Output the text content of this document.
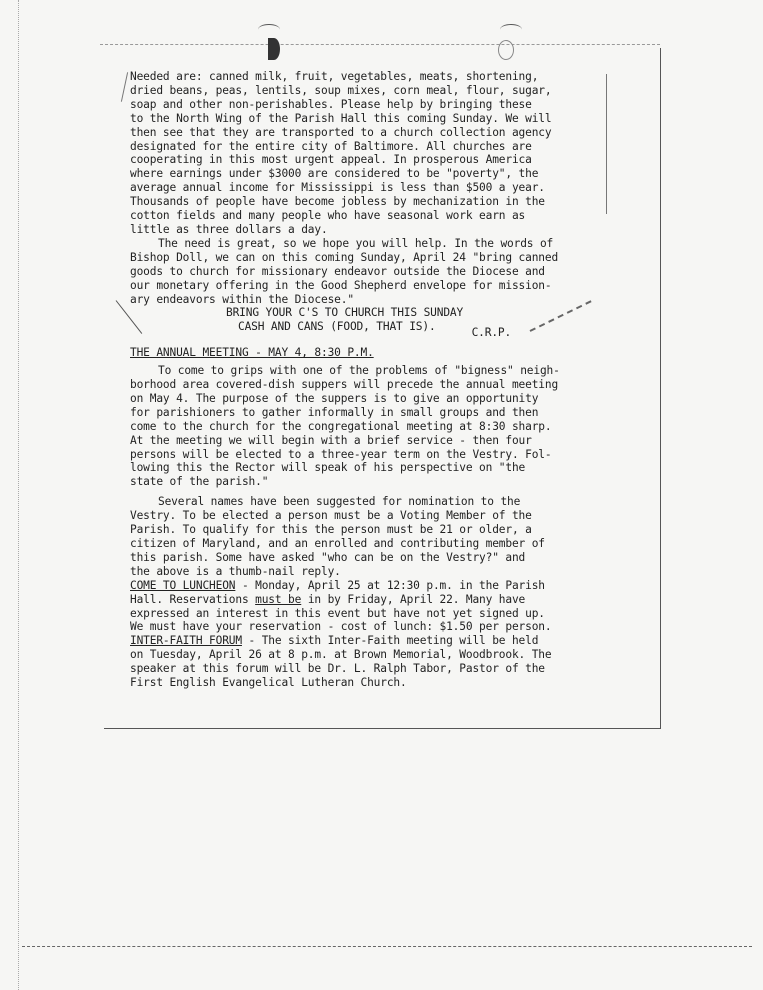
Needed are: canned milk, fruit, vegetables, meats, shortening,

dried beans, peas, lentils, soup mixes, corn meal, flour, sugar,

soap and other non-perishables. Please help by bringing these

to the North Wing of the Parish Hall this coming Sunday. We will

then see that they are transported to a church collection agency

designated for the entire city of Baltimore. All churches are

cooperating in this most urgent appeal. In prosperous America

where earnings under $3000 are considered to be "poverty", the

average annual income for Mississippi is less than $500 a year.

Thousands of people have become jobless by mechanization in the

cotton fields and many people who have seasonal work earn as

little as three dollars a day.

The need is great, so we hope you will help. In the words of

Bishop Doll, we can on this coming Sunday, April 24 "bring canned

goods to church for missionary endeavor outside the Diocese and

our monetary offering in the Good Shepherd envelope for mission-

ary endeavors within the Diocese."

BRING YOUR C'S TO CHURCH THIS SUNDAY

CASH AND CANS (FOOD, THAT IS).	C.R.P.

THE ANNUAL MEETING - MAY 4, 8:30 P.M.

To come to grips with one of the problems of "bigness" neigh-

borhood area covered-dish suppers will precede the annual meeting

on May 4. The purpose of the suppers is to give an opportunity

for parishioners to gather informally in small groups and then

come to the church for the congregational meeting at 8:30 sharp.

At the meeting we will begin with a brief service - then four

persons will be elected to a three-year term on the Vestry. Fol-

lowing this the Rector will speak of his perspective on "the

state of the parish."

Several names have been suggested for nomination to the

Vestry. To be elected a person must be a Voting Member of the

Parish. To qualify for this the person must be 21 or older, a

citizen of Maryland, and an enrolled and contributing member of

this parish. Some have asked "who can be on the Vestry?" and

the above is a thumb-nail reply.

COME TO LUNCHEON - Monday, April 25 at 12:30 p.m. in the Parish

Hall. Reservations must be in by Friday, April 22. Many have

expressed an interest in this event but have not yet signed up.

We must have your reservation - cost of lunch: $1.50 per person.

INTER-FAITH FORUM - The sixth Inter-Faith meeting will be held

on Tuesday, April 26 at 8 p.m. at Brown Memorial, Woodbrook. The

speaker at this forum will be Dr. L. Ralph Tabor, Pastor of the

First English Evangelical Lutheran Church.
